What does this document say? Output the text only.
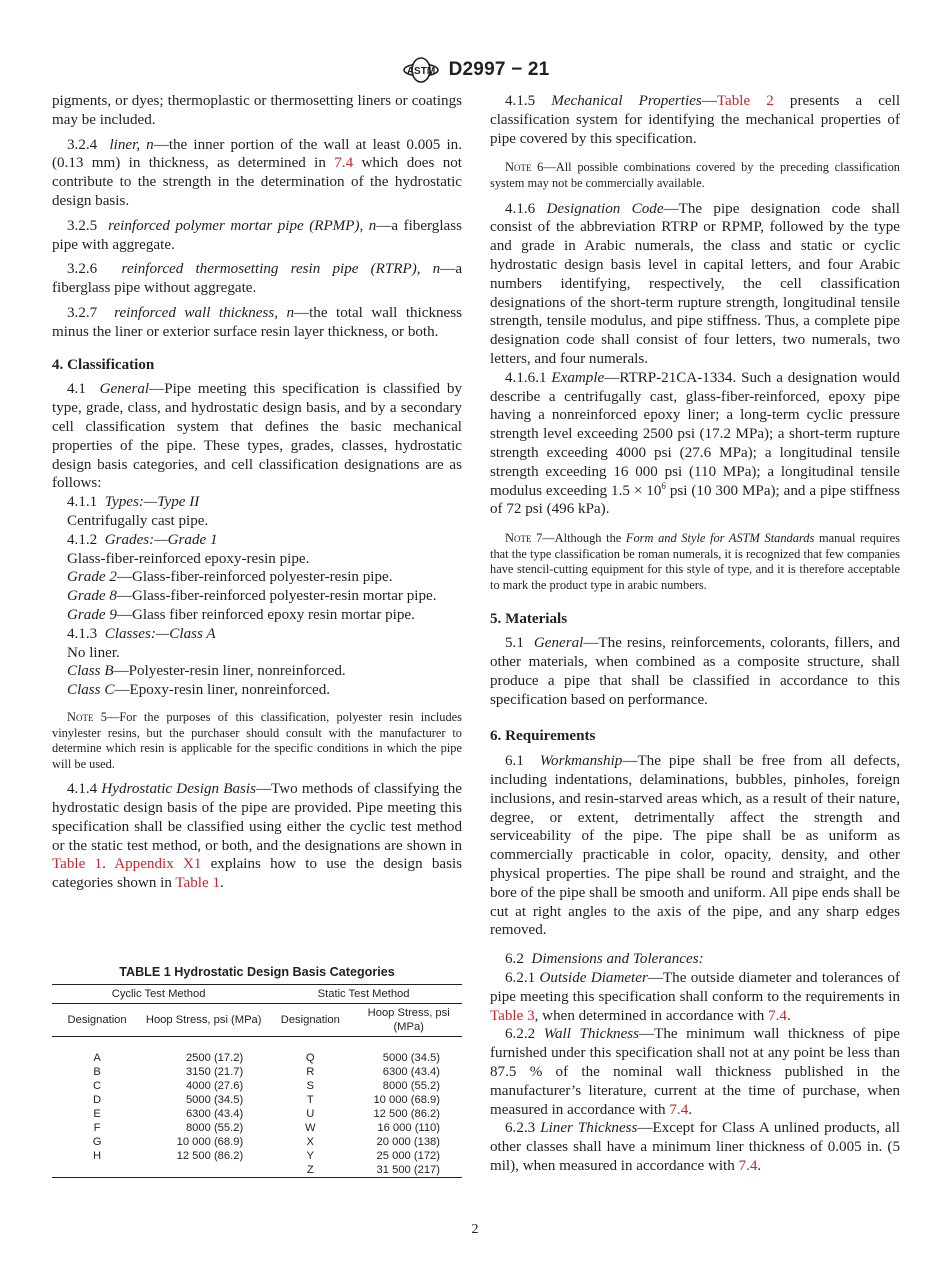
ASTM D2997 − 21

pigments, or dyes; thermoplastic or thermosetting liners or coatings may be included.

3.2.4 liner, n—the inner portion of the wall at least 0.005 in. (0.13 mm) in thickness, as determined in 7.4 which does not contribute to the strength in the determination of the hydrostatic design basis.

3.2.5 reinforced polymer mortar pipe (RPMP), n—a fiberglass pipe with aggregate.

3.2.6 reinforced thermosetting resin pipe (RTRP), n—a fiberglass pipe without aggregate.

3.2.7 reinforced wall thickness, n—the total wall thickness minus the liner or exterior surface resin layer thickness, or both.

4. Classification

4.1 General—Pipe meeting this specification is classified by type, grade, class, and hydrostatic design basis, and by a secondary cell classification system that defines the basic mechanical properties of the pipe. These types, grades, classes, hydrostatic design basis categories, and cell classification designations are as follows:

4.1.1 Types:—Type II

Centrifugally cast pipe.

4.1.2 Grades:—Grade 1

Glass-fiber-reinforced epoxy-resin pipe.

Grade 2—Glass-fiber-reinforced polyester-resin pipe.

Grade 8—Glass-fiber-reinforced polyester-resin mortar pipe.

Grade 9—Glass fiber reinforced epoxy resin mortar pipe.

4.1.3 Classes:—Class A

No liner.

Class B—Polyester-resin liner, nonreinforced.

Class C—Epoxy-resin liner, nonreinforced.

Note 5—For the purposes of this classification, polyester resin includes vinylester resins, but the purchaser should consult with the manufacturer to determine which resin is applicable for the specific conditions in which the pipe will be used.

4.1.4 Hydrostatic Design Basis—Two methods of classifying the hydrostatic design basis of the pipe are provided. Pipe meeting this specification shall be classified using either the cyclic test method or the static test method, or both, and the designations are shown in Table 1. Appendix X1 explains how to use the design basis categories shown in Table 1.

TABLE 1 Hydrostatic Design Basis Categories
Cyclic Test Method		Static Test Method	
Designation	Hoop Stress, psi (MPa)	Designation	Hoop Stress, psi (MPa)

A	2500 (17.2)	Q	5000 (34.5)
B	3150 (21.7)	R	6300 (43.4)
C	4000 (27.6)	S	8000 (55.2)
D	5000 (34.5)	T	10 000 (68.9)
E	6300 (43.4)	U	12 500 (86.2)
F	8000 (55.2)	W	16 000 (110)
G	10 000 (68.9)	X	20 000 (138)
H	12 500 (86.2)	Y	25 000 (172)
		Z	31 500 (217)

4.1.5 Mechanical Properties—Table 2 presents a cell classification system for identifying the mechanical properties of pipe covered by this specification.

Note 6—All possible combinations covered by the preceding classification system may not be commercially available.

4.1.6 Designation Code—The pipe designation code shall consist of the abbreviation RTRP or RPMP, followed by the type and grade in Arabic numerals, the class and static or cyclic hydrostatic design basis level in capital letters, and four Arabic numbers identifying, respectively, the cell classification designations of the short-term rupture strength, longitudinal tensile strength, tensile modulus, and pipe stiffness. Thus, a complete pipe designation code shall consist of four letters, two numerals, two letters, and four numerals.

4.1.6.1 Example—RTRP-21CA-1334. Such a designation would describe a centrifugally cast, glass-fiber-reinforced, epoxy pipe having a nonreinforced epoxy liner; a long-term cyclic pressure strength level exceeding 2500 psi (17.2 MPa); a short-term rupture strength exceeding 4000 psi (27.6 MPa); a longitudinal tensile strength exceeding 16 000 psi (110 MPa); a longitudinal tensile modulus exceeding $1.5 \times 10^6$ psi (10 300 MPa); and a pipe stiffness of 72 psi (496 kPa).

Note 7—Although the Form and Style for ASTM Standards manual requires that the type classification be roman numerals, it is recognized that few companies have stencil-cutting equipment for this style of type, and it is therefore acceptable to mark the product type in arabic numbers.

5. Materials

5.1 General—The resins, reinforcements, colorants, fillers, and other materials, when combined as a composite structure, shall produce a pipe that shall be classified in accordance to this specification based on performance.

6. Requirements

6.1 Workmanship—The pipe shall be free from all defects, including indentations, delaminations, bubbles, pinholes, foreign inclusions, and resin-starved areas which, as a result of their nature, degree, or extent, detrimentally affect the strength and serviceability of the pipe. The pipe shall be as uniform as commercially practicable in color, opacity, density, and other physical properties. The pipe shall be round and straight, and the bore of the pipe shall be smooth and uniform. All pipe ends shall be cut at right angles to the axis of the pipe, and any sharp edges removed.

6.2 Dimensions and Tolerances:

6.2.1 Outside Diameter—The outside diameter and tolerances of pipe meeting this specification shall conform to the requirements in Table 3, when determined in accordance with 7.4.

6.2.2 Wall Thickness—The minimum wall thickness of pipe furnished under this specification shall not at any point be less than 87.5 % of the nominal wall thickness published in the manufacturer’s literature, current at the time of purchase, when measured in accordance with 7.4.

6.2.3 Liner Thickness—Except for Class A unlined products, all other classes shall have a minimum liner thickness of 0.005 in. (5 mil), when measured in accordance with 7.4.

2
